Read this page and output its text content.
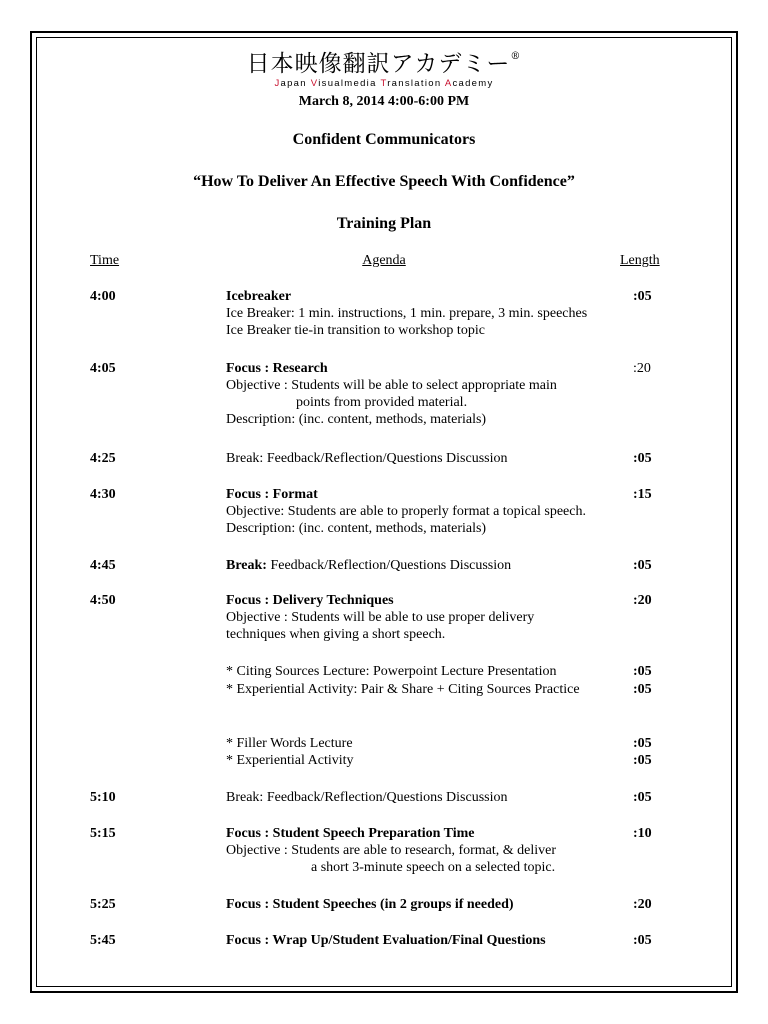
日本映像翻訳アカデミー®
Japan Visualmedia Translation Academy
March 8, 2014 4:00-6:00 PM
Confident Communicators
“How To Deliver An Effective Speech With Confidence”
Training Plan
Time	Agenda	Length
4:00	Icebreaker
Ice Breaker: 1 min. instructions, 1 min. prepare, 3 min. speeches
Ice Breaker tie-in transition to workshop topic
:05
4:05	Focus : Research
Objective : Students will be able to select appropriate main
points from provided material.
Description: (inc. content, methods, materials)
:20
4:25	Break: Feedback/Reflection/Questions Discussion	:05
4:30	Focus : Format
Objective: Students are able to properly format a topical speech.
Description: (inc. content, methods, materials)
:15
4:45	Break: Feedback/Reflection/Questions Discussion	:05
4:50	Focus : Delivery Techniques
Objective : Students will be able to use proper delivery
techniques when giving a short speech.
:20
* Citing Sources Lecture: Powerpoint Lecture Presentation	:05
* Experiential Activity: Pair & Share + Citing Sources Practice	:05
* Filler Words Lecture	:05
* Experiential Activity	:05
5:10	Break: Feedback/Reflection/Questions Discussion	:05
5:15	Focus : Student Speech Preparation Time
Objective : Students are able to research, format, & deliver
a short 3-minute speech on a selected topic.
:10
5:25	Focus : Student Speeches (in 2 groups if needed)	:20
5:45	Focus : Wrap Up/Student Evaluation/Final Questions	:05
